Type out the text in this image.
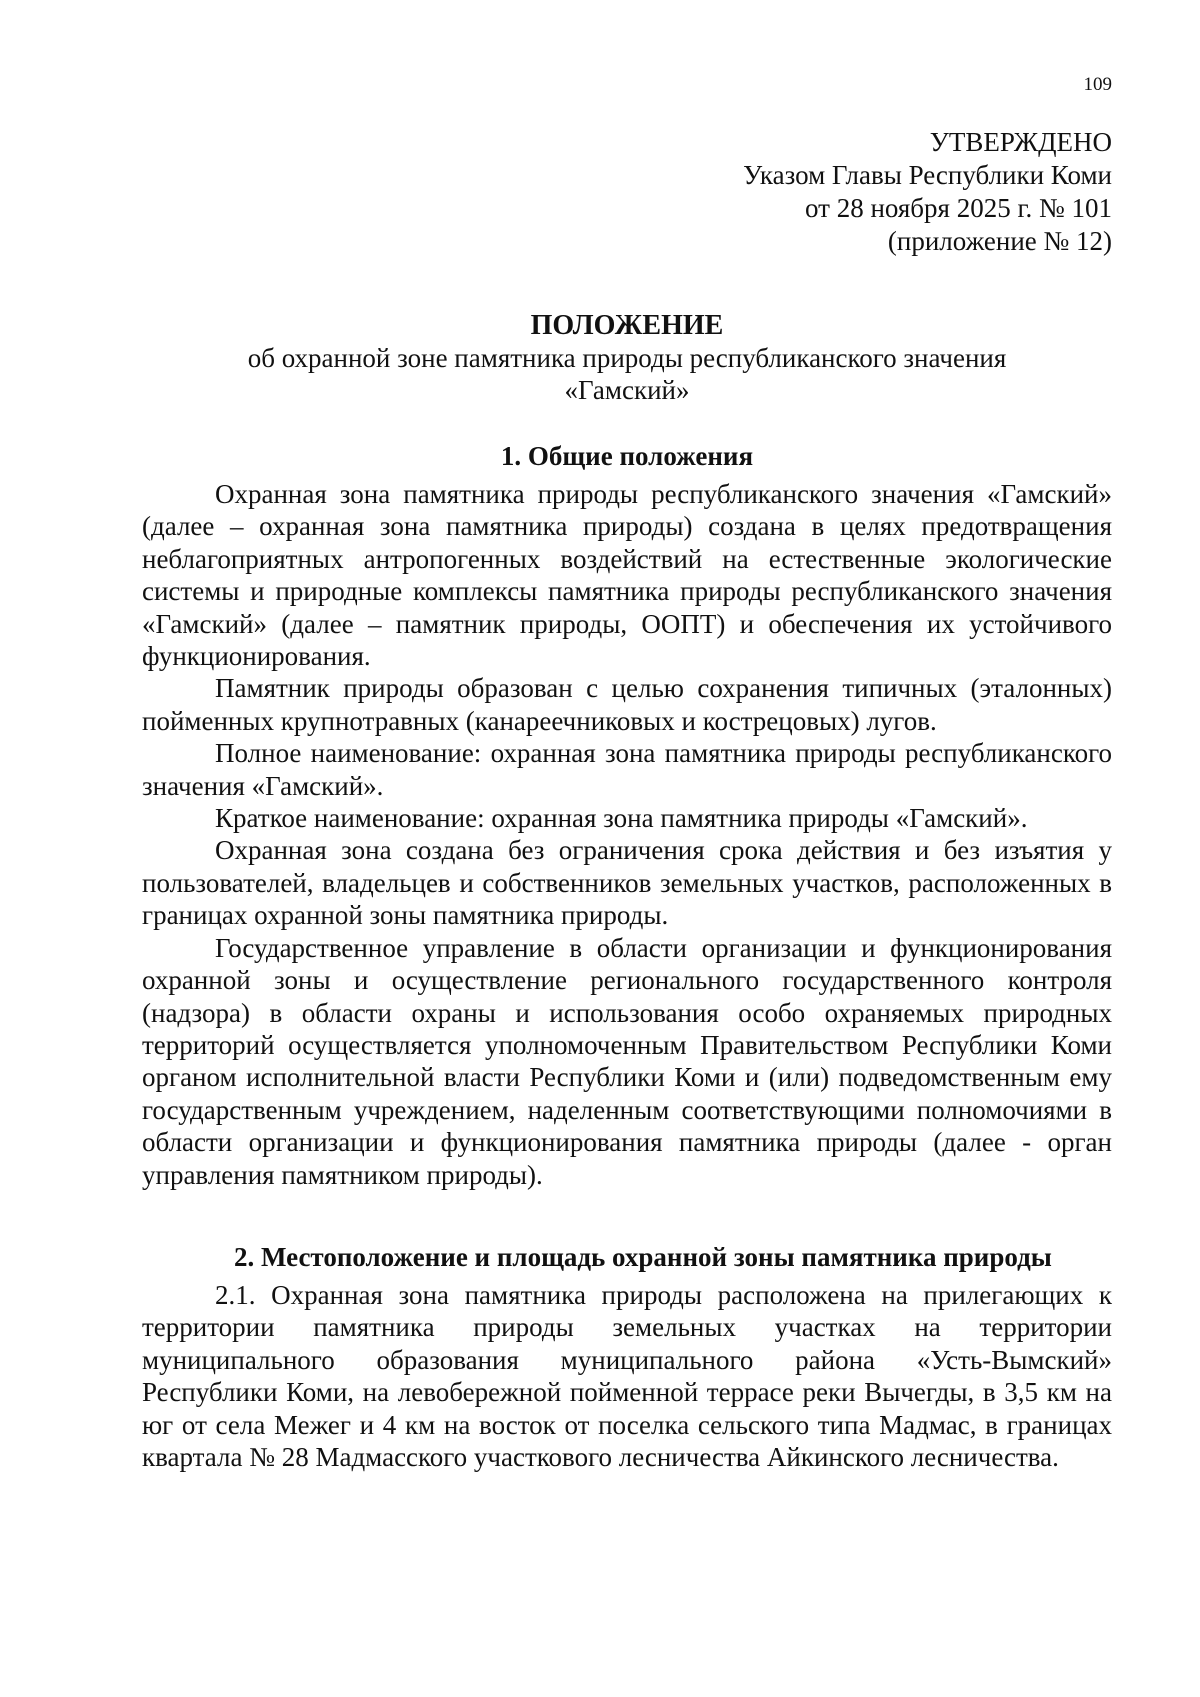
109
УТВЕРЖДЕНО
Указом Главы Республики Коми
от 28 ноября 2025 г. № 101
(приложение № 12)

ПОЛОЖЕНИЕ

об охранной зоне памятника природы республиканского значения

«Гамский»

1. Общие положения

Охранная зона памятника природы республиканского значения «Гамский» (далее – охранная зона памятника природы) создана в целях предотвращения неблагоприятных антропогенных воздействий на естественные экологические системы и природные комплексы памятника природы республиканского значения «Гамский» (далее – памятник природы, ООПТ) и обеспечения их устойчивого функционирования.

Памятник природы образован с целью сохранения типичных (эталонных) пойменных крупнотравных (канареечниковых и кострецовых) лугов.

Полное наименование: охранная зона памятника природы республиканского значения «Гамский».

Краткое наименование: охранная зона памятника природы «Гамский».

Охранная зона создана без ограничения срока действия и без изъятия у пользователей, владельцев и собственников земельных участков, расположенных в границах охранной зоны памятника природы.

Государственное управление в области организации и функционирования охранной зоны и осуществление регионального государственного контроля (надзора) в области охраны и использования особо охраняемых природных территорий осуществляется уполномоченным Правительством Республики Коми органом исполнительной власти Республики Коми и (или) подведомственным ему государственным учреждением, наделенным соответствующими полномочиями в области организации и функционирования памятника природы (далее - орган управления памятником природы).

2. Местоположение и площадь охранной зоны памятника природы

2.1. Охранная зона памятника природы расположена на прилегающих к территории памятника природы земельных участках на территории муниципального образования муниципального района «Усть-Вымский» Республики Коми, на левобережной пойменной террасе реки Вычегды, в 3,5 км на юг от села Межег и 4 км на восток от поселка сельского типа Мадмас, в границах квартала № 28 Мадмасского участкового лесничества Айкинского лесничества.
